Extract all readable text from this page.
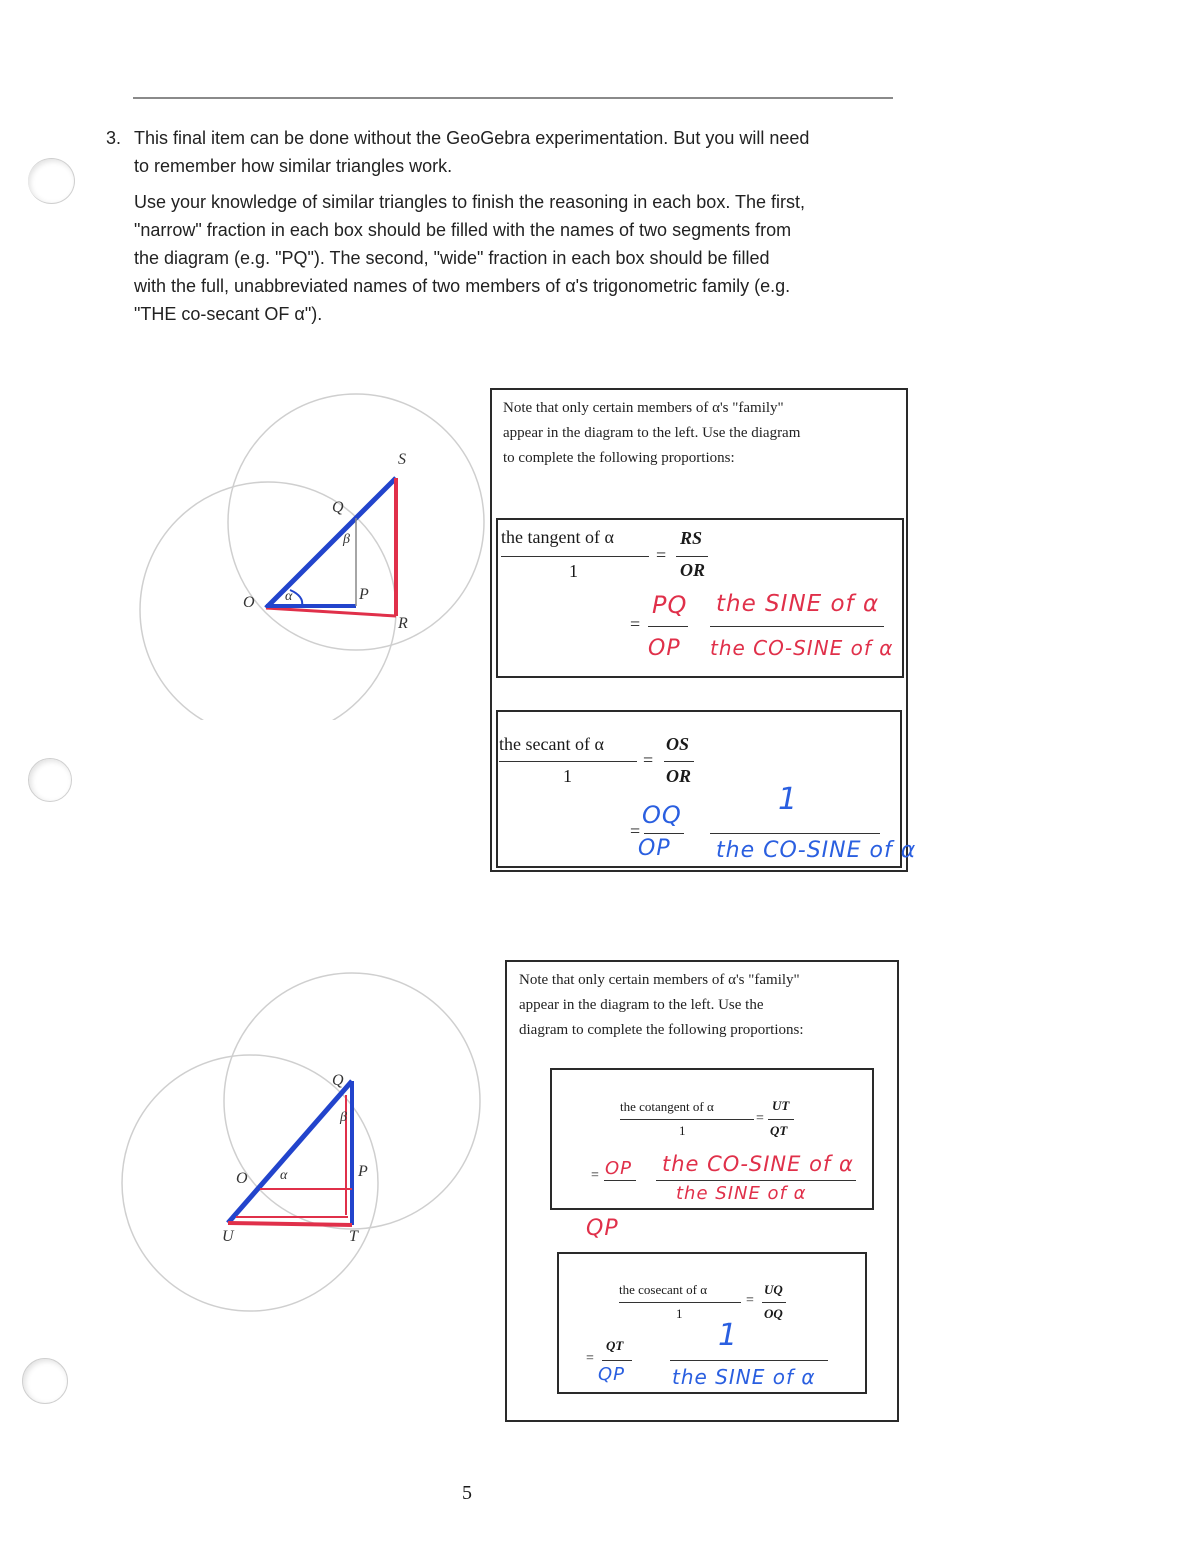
3. This final item can be done without the GeoGebra experimentation. But you will need
to remember how similar triangles work.
Use your knowledge of similar triangles to finish the reasoning in each box. The first,
"narrow" fraction in each box should be filled with the names of two segments from
the diagram (e.g. "PQ"). The second, "wide" fraction in each box should be filled
with the full, unabbreviated names of two members of α's trigonometric family (e.g.
"THE co-secant OF α").
S
Q
β
O α	P
R
Note that only certain members of α's "family"
appear in the diagram to the left. Use the diagram
to complete the following proportions:
the tangent of α
1
=
RS
OR
=
PQ
OP
the SINE of α
the CO-SINE of α
the secant of α
1
=
OS
OR
=
OQ
OP
1
the CO-SINE of α
Q
β
O α	P
U	T
Note that only certain members of α's "family"
appear in the diagram to the left. Use the
diagram to complete the following proportions:
the cotangent of α
1
=
UT
QT
= OP
QP
the CO-SINE of α
the SINE of α
the cosecant of α
1
=
UQ
OQ
=
QT
QP
1
the SINE of α
5
